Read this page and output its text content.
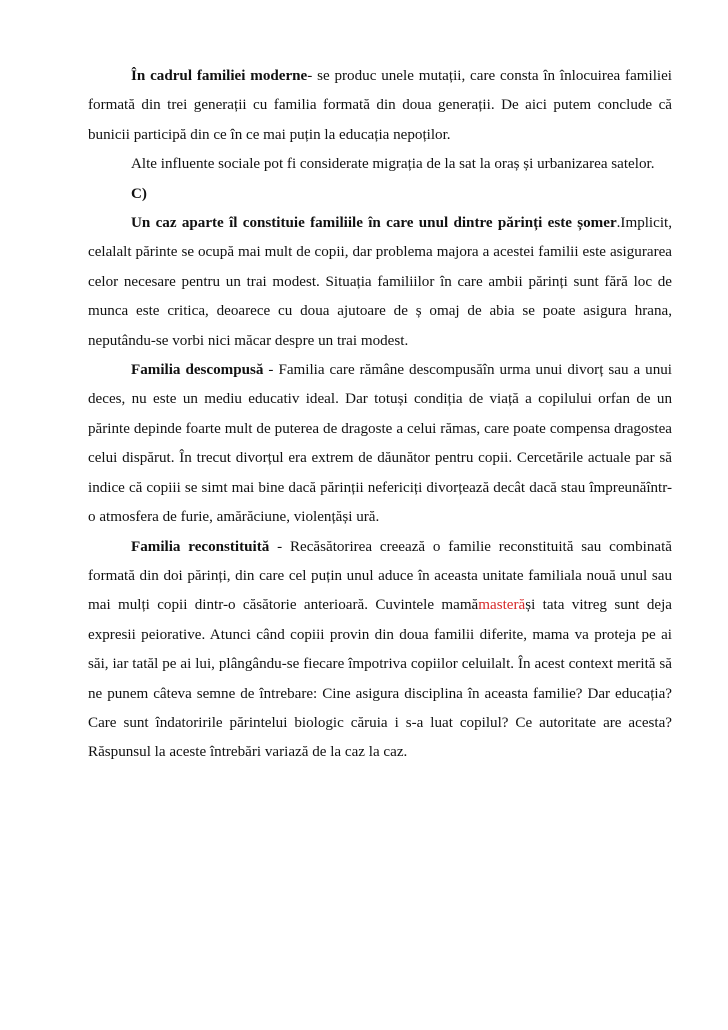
În cadrul familiei moderne- se produc unele mutații, care consta în înlocuirea familiei formată din trei generații cu familia formată din doua generații. De aici putem conclude că bunicii participă din ce în ce mai puțin la educația nepoților.

Alte influente sociale pot fi considerate migrația de la sat la oraș și urbanizarea satelor.

C)

Un caz aparte îl constituie familiile în care unul dintre părinți este șomer.Implicit, celalalt părinte se ocupă mai mult de copii, dar problema majora a acestei familii este asigurarea celor necesare pentru un trai modest. Situația familiilor în care ambii părinți sunt fără loc de munca este critica, deoarece cu doua ajutoare de ș omaj de abia se poate asigura hrana, neputându-se vorbi nici măcar despre un trai modest.

Familia descompusă - Familia care rămâne descompusăîn urma unui divorț sau a unui deces, nu este un mediu educativ ideal. Dar totuși condiția de viață a copilului orfan de un părinte depinde foarte mult de puterea de dragoste a celui rămas, care poate compensa dragostea celui dispărut. În trecut divorțul era extrem de dăunător pentru copii. Cercetările actuale par să indice că copiii se simt mai bine dacă părinții nefericiți divorțează decât dacă stau împreunăîntr-o atmosfera de furie, amărăciune, violențăși ură.

Familia reconstituită - Recăsătorirea creează o familie reconstituită sau combinată formată din doi părinți, din care cel puțin unul aduce în aceasta unitate familiala nouă unul sau mai mulți copii dintr-o căsătorie anterioară. Cuvintele mamămasterăși tata vitreg sunt deja expresii peiorative. Atunci când copiii provin din doua familii diferite, mama va proteja pe ai săi, iar tatăl pe ai lui, plângându-se fiecare împotriva copiilor celuilalt. În acest context merită să ne punem câteva semne de întrebare: Cine asigura disciplina în aceasta familie? Dar educația? Care sunt îndatoririle părintelui biologic căruia i s-a luat copilul? Ce autoritate are acesta? Răspunsul la aceste întrebări variază de la caz la caz.
